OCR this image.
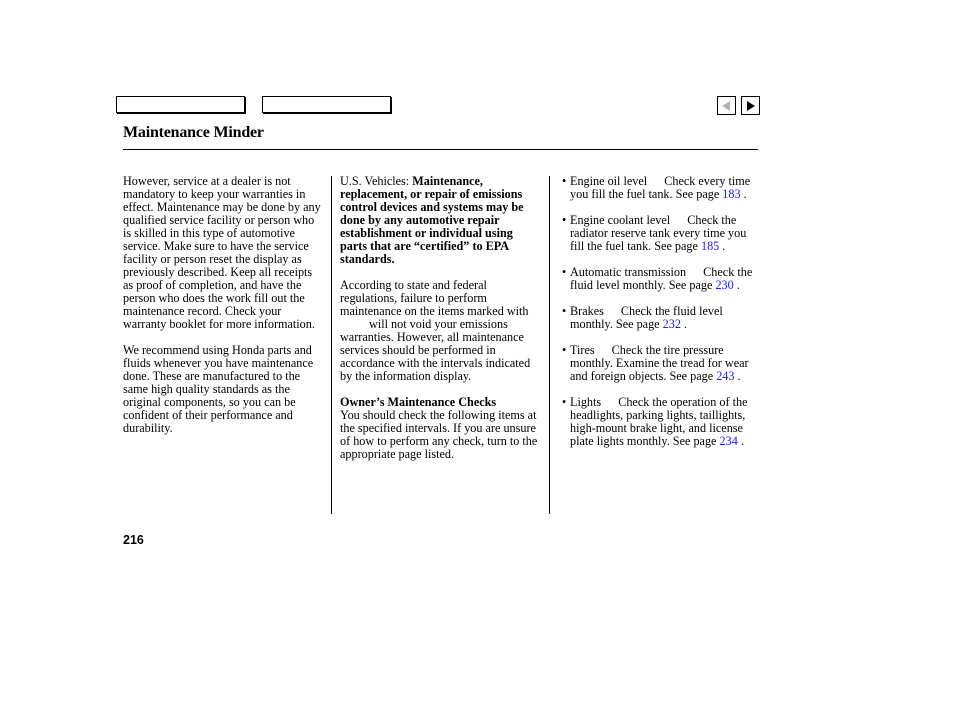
Maintenance Minder

However, service at a dealer is not mandatory to keep your warranties in effect. Maintenance may be done by any qualified service facility or person who is skilled in this type of automotive service. Make sure to have the service facility or person reset the display as previously described. Keep all receipts as proof of completion, and have the person who does the work fill out the maintenance record. Check your warranty booklet for more information.

We recommend using Honda parts and fluids whenever you have maintenance done. These are manufactured to the same high quality standards as the original components, so you can be confident of their performance and durability.

U.S. Vehicles: Maintenance, replacement, or repair of emissions control devices and systems may be done by any automotive repair establishment or individual using parts that are “certified” to EPA standards.

According to state and federal regulations, failure to perform maintenance on the items marked with  will not void your emissions warranties. However, all maintenance services should be performed in accordance with the intervals indicated by the information display.

Owner’s Maintenance Checks

You should check the following items at the specified intervals. If you are unsure of how to perform any check, turn to the appropriate page listed.

• Engine oil level Check every time you fill the fuel tank. See page 183 .
• Engine coolant level Check the radiator reserve tank every time you fill the fuel tank. See page 185 .
• Automatic transmission Check the fluid level monthly. See page 230 .
• Brakes Check the fluid level monthly. See page 232 .
• Tires Check the tire pressure monthly. Examine the tread for wear and foreign objects. See page 243 .
• Lights Check the operation of the headlights, parking lights, taillights, high-mount brake light, and license plate lights monthly. See page 234 .
216
